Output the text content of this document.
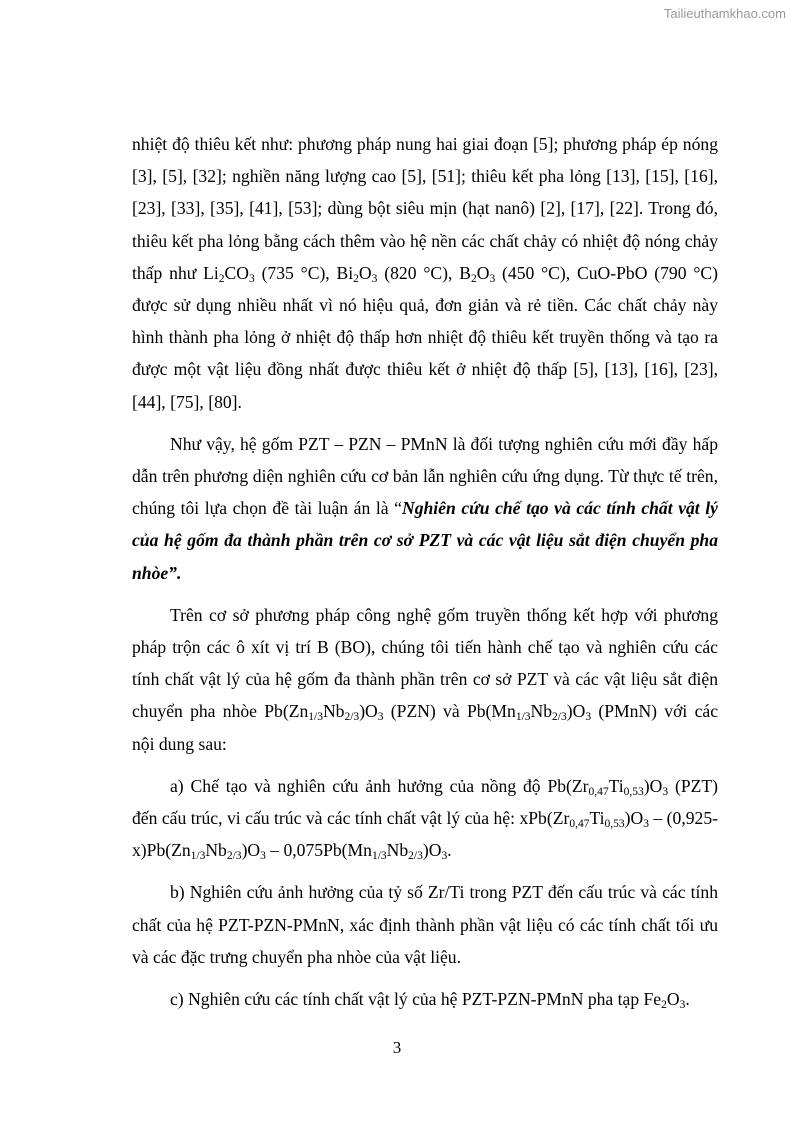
Tailieuthamkhao.com

nhiệt độ thiêu kết như: phương pháp nung hai giai đoạn [5]; phương pháp ép nóng [3], [5], [32]; nghiền năng lượng cao [5], [51]; thiêu kết pha lỏng [13], [15], [16], [23], [33], [35], [41], [53]; dùng bột siêu mịn (hạt nanô) [2], [17], [22]. Trong đó, thiêu kết pha lỏng bằng cách thêm vào hệ nền các chất chảy có nhiệt độ nóng chảy thấp như $Li_2CO_3$ (735 °C), $Bi_2O_3$ (820 °C), $B_2O_3$ (450 °C), CuO-PbO (790 °C) được sử dụng nhiều nhất vì nó hiệu quả, đơn giản và rẻ tiền. Các chất chảy này hình thành pha lỏng ở nhiệt độ thấp hơn nhiệt độ thiêu kết truyền thống và tạo ra được một vật liệu đồng nhất được thiêu kết ở nhiệt độ thấp [5], [13], [16], [23], [44], [75], [80].

Như vậy, hệ gốm PZT – PZN – PMnN là đối tượng nghiên cứu mới đầy hấp dẫn trên phương diện nghiên cứu cơ bản lẫn nghiên cứu ứng dụng. Từ thực tế trên, chúng tôi lựa chọn đề tài luận án là “Nghiên cứu chế tạo và các tính chất vật lý của hệ gốm đa thành phần trên cơ sở PZT và các vật liệu sắt điện chuyển pha nhòe”.

Trên cơ sở phương pháp công nghệ gốm truyền thống kết hợp với phương pháp trộn các ô xít vị trí B (BO), chúng tôi tiến hành chế tạo và nghiên cứu các tính chất vật lý của hệ gốm đa thành phần trên cơ sở PZT và các vật liệu sắt điện chuyển pha nhòe $Pb(Zn_{1/3}Nb_{2/3})O_3$ (PZN) và $Pb(Mn_{1/3}Nb_{2/3})O_3$ (PMnN) với các nội dung sau:

a) Chế tạo và nghiên cứu ảnh hưởng của nồng độ $Pb(Zr_{0,47}Ti_{0,53})O_3$ (PZT) đến cấu trúc, vi cấu trúc và các tính chất vật lý của hệ: $xPb(Zr_{0,47}Ti_{0,53})O_3 - (0,925-x)Pb(Zn_{1/3}Nb_{2/3})O_3 - 0,075Pb(Mn_{1/3}Nb_{2/3})O_3$.

b) Nghiên cứu ảnh hưởng của tỷ số Zr/Ti trong PZT đến cấu trúc và các tính chất của hệ PZT-PZN-PMnN, xác định thành phần vật liệu có các tính chất tối ưu và các đặc trưng chuyển pha nhòe của vật liệu.

c) Nghiên cứu các tính chất vật lý của hệ PZT-PZN-PMnN pha tạp $Fe_2O_3$.

3
